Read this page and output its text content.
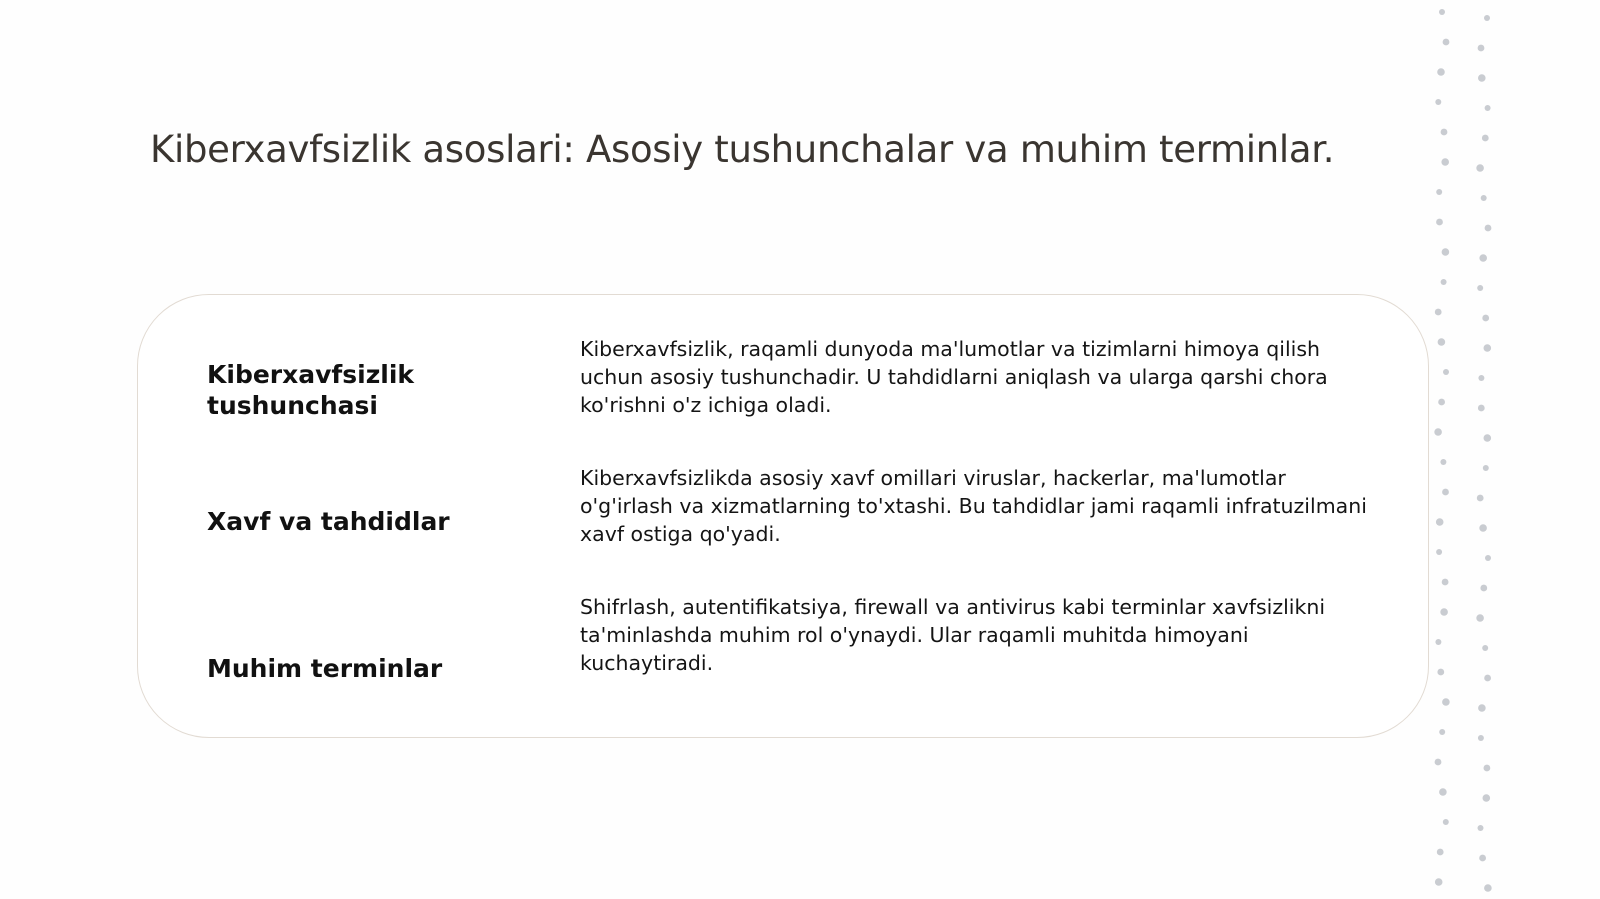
Kiberxavfsizlik asoslari: Asosiy tushunchalar va muhim terminlar.

Kiberxavfsizlik tushunchasi

Kiberxavfsizlik, raqamli dunyoda ma'lumotlar va tizimlarni himoya qilish uchun asosiy tushunchadir. U tahdidlarni aniqlash va ularga qarshi chora ko'rishni o'z ichiga oladi.

Xavf va tahdidlar

Kiberxavfsizlikda asosiy xavf omillari viruslar, hackerlar, ma'lumotlar o'g'irlash va xizmatlarning to'xtashi. Bu tahdidlar jami raqamli infratuzilmani xavf ostiga qo'yadi.

Muhim terminlar

Shifrlash, autentifikatsiya, firewall va antivirus kabi terminlar xavfsizlikni ta'minlashda muhim rol o'ynaydi. Ular raqamli muhitda himoyani kuchaytiradi.
